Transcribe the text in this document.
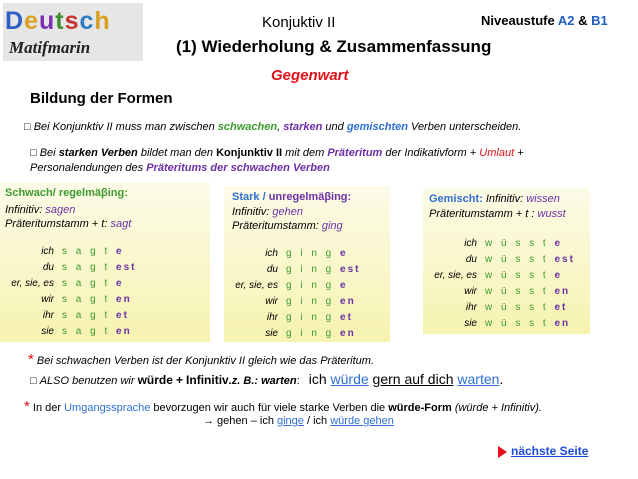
Deutsch
Matifmarin
Konjuktiv II
(1) Wiederholung & Zusammenfassung
Niveaustufe A2 & B1
Gegenwart
Bildung der Formen
□ Bei Konjunktiv II muss man zwischen schwachen, starken und gemischten Verben unterscheiden.
□ Bei starken Verben bildet man den Konjunktiv II mit dem Präteritum der Indikativform + Umlaut +
Personalendungen des Präteritums der schwachen Verben
Schwach/ regelmäβing:
Infinitiv: sagen
Präteritumstamm + t: sagt
ich s a g t e
du s a g t est
er, sie, es s a g t e
wir s a g t en
ihr s a g t et
sie s a g t en
Stark / unregelmäβing:
Infinitiv: gehen
Präteritumstamm: ging
ich g i n g e
du g i n g est
er, sie, es g i n g e
wir g i n g en
ihr g i n g et
sie g i n g en
Gemischt: Infinitiv: wissen
Präteritumstamm + t : wusst
ich w ü s s t e
du w ü s s t est
er, sie, es w ü s s t e
wir w ü s s t en
ihr w ü s s t et
sie w ü s s t en
* Bei schwachen Verben ist der Konjunktiv II gleich wie das Präteritum.
□ ALSO benutzen wir würde + Infinitiv.z. B.: warten: ich würde gern auf dich warten.
* In der Umgangssprache bevorzugen wir auch für viele starke Verben die würde-Form (würde + Infinitiv).
→ gehen – ich ginge / ich würde gehen
nächste Seite
